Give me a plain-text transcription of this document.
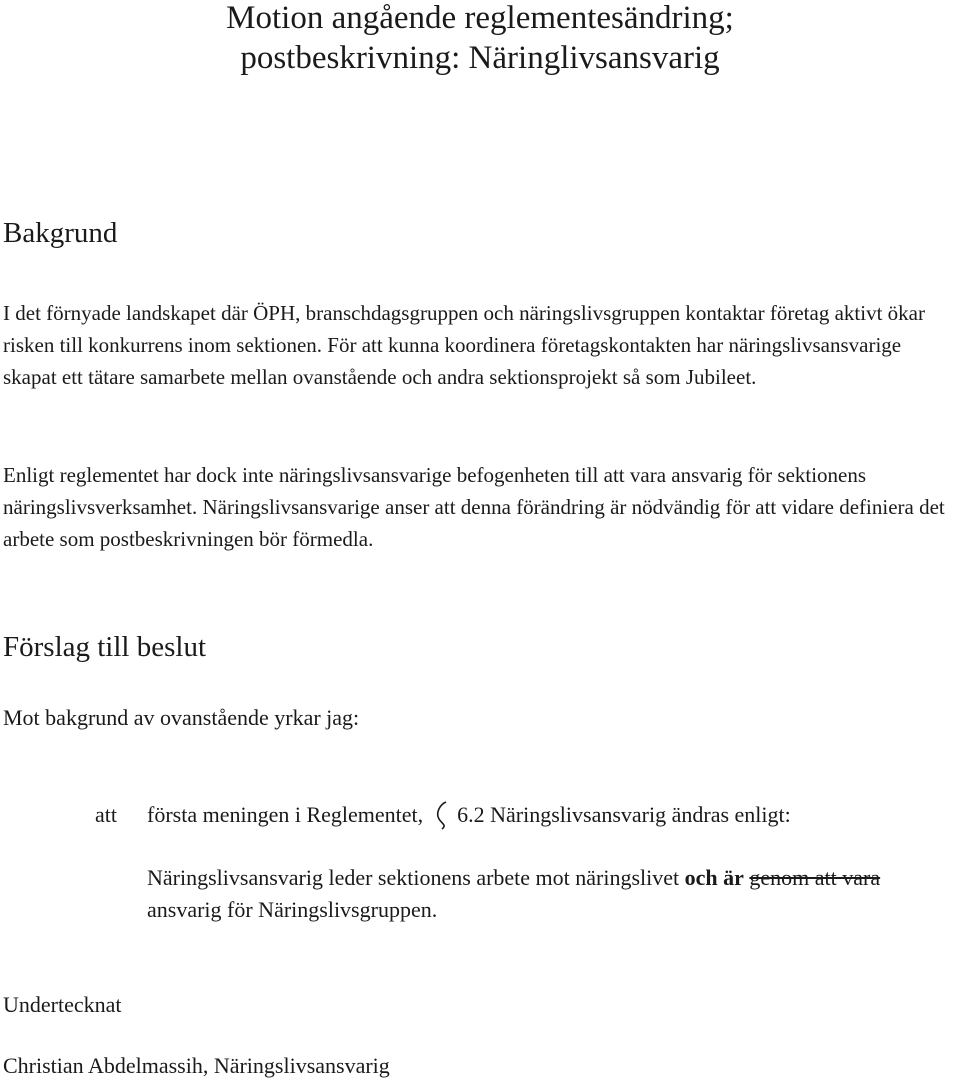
Motion angående reglementesändring;
postbeskrivning: Näringlivsansvarig
Bakgrund
I det förnyade landskapet där ÖPH, branschdagsgruppen och näringslivsgruppen kontaktar företag aktivt ökar risken till konkurrens inom sektionen. För att kunna koordinera företagskontakten har näringslivsansvarige skapat ett tätare samarbete mellan ovanstående och andra sektionsprojekt så som Jubileet.
Enligt reglementet har dock inte näringslivsansvarige befogenheten till att vara ansvarig för sektionens näringslivsverksamhet. Näringslivsansvarige anser att denna förändring är nödvändig för att vidare definiera det arbete som postbeskrivningen bör förmedla.
Förslag till beslut
Mot bakgrund av ovanstående yrkar jag:
att första meningen i Reglementet, 6.2 Näringslivsansvarig ändras enligt:
Näringslivsansvarig leder sektionens arbete mot näringslivet och är genom att vara ansvarig för Näringslivsgruppen.
Undertecknat
Christian Abdelmassih, Näringslivsansvarig
